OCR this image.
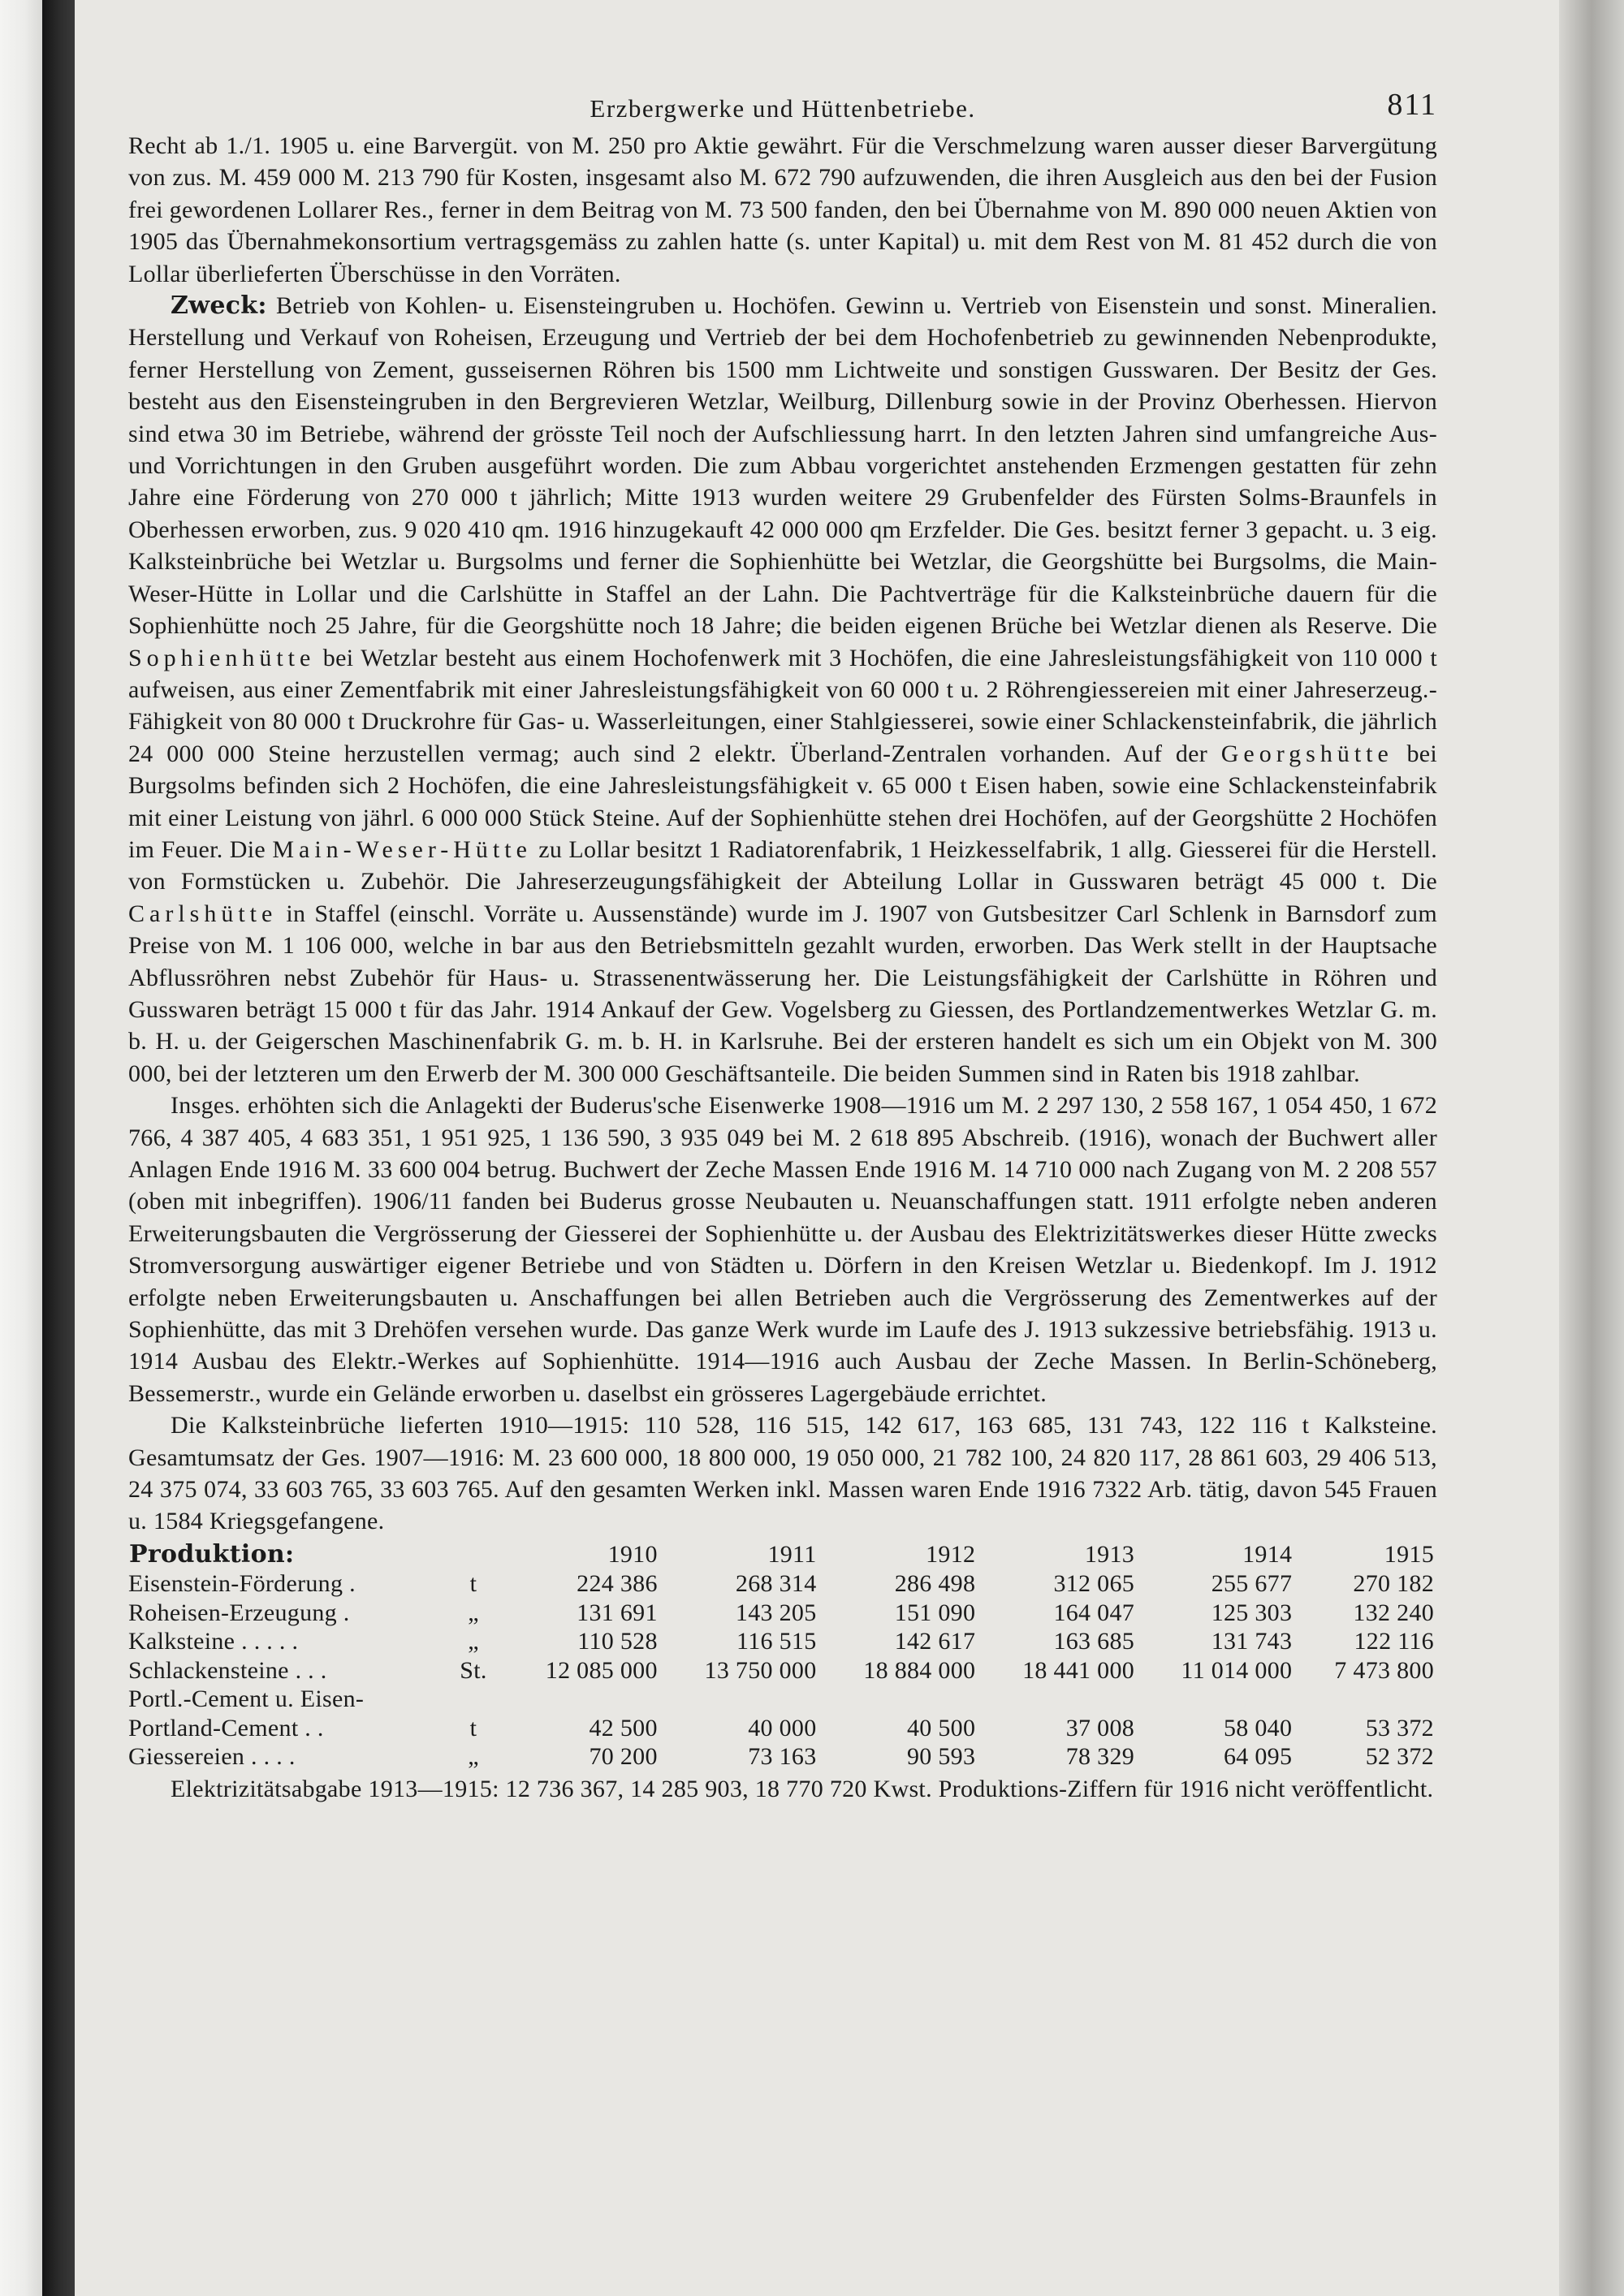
Erzbergwerke und Hüttenbetriebe.	811

Recht ab 1./1. 1905 u. eine Barvergüt. von M. 250 pro Aktie gewährt. Für die Verschmelzung waren ausser dieser Barvergütung von zus. M. 459 000 M. 213 790 für Kosten, insgesamt also M. 672 790 aufzuwenden, die ihren Ausgleich aus den bei der Fusion frei gewordenen Lollarer Res., ferner in dem Beitrag von M. 73 500 fanden, den bei Übernahme von M. 890 000 neuen Aktien von 1905 das Übernahmekonsortium vertragsgemäss zu zahlen hatte (s. unter Kapital) u. mit dem Rest von M. 81 452 durch die von Lollar überlieferten Überschüsse in den Vorräten.

Zweck: Betrieb von Kohlen- u. Eisensteingruben u. Hochöfen. Gewinn u. Vertrieb von Eisenstein und sonst. Mineralien. Herstellung und Verkauf von Roheisen, Erzeugung und Vertrieb der bei dem Hochofenbetrieb zu gewinnenden Nebenprodukte, ferner Herstellung von Zement, gusseisernen Röhren bis 1500 mm Lichtweite und sonstigen Gusswaren. Der Besitz der Ges. besteht aus den Eisensteingruben in den Bergrevieren Wetzlar, Weilburg, Dillenburg sowie in der Provinz Oberhessen. Hiervon sind etwa 30 im Betriebe, während der grösste Teil noch der Aufschliessung harrt. In den letzten Jahren sind umfangreiche Aus- und Vorrichtungen in den Gruben ausgeführt worden. Die zum Abbau vorgerichtet anstehenden Erzmengen gestatten für zehn Jahre eine Förderung von 270 000 t jährlich; Mitte 1913 wurden weitere 29 Grubenfelder des Fürsten Solms-Braunfels in Oberhessen erworben, zus. 9 020 410 qm. 1916 hinzugekauft 42 000 000 qm Erzfelder. Die Ges. besitzt ferner 3 gepacht. u. 3 eig. Kalksteinbrüche bei Wetzlar u. Burgsolms und ferner die Sophienhütte bei Wetzlar, die Georgshütte bei Burgsolms, die Main-Weser-Hütte in Lollar und die Carlshütte in Staffel an der Lahn. Die Pachtverträge für die Kalksteinbrüche dauern für die Sophienhütte noch 25 Jahre, für die Georgshütte noch 18 Jahre; die beiden eigenen Brüche bei Wetzlar dienen als Reserve. Die Sophienhütte bei Wetzlar besteht aus einem Hochofenwerk mit 3 Hochöfen, die eine Jahresleistungsfähigkeit von 110 000 t aufweisen, aus einer Zementfabrik mit einer Jahresleistungsfähigkeit von 60 000 t u. 2 Röhrengiessereien mit einer Jahreserzeug.-Fähigkeit von 80 000 t Druckrohre für Gas- u. Wasserleitungen, einer Stahlgiesserei, sowie einer Schlackensteinfabrik, die jährlich 24 000 000 Steine herzustellen vermag; auch sind 2 elektr. Überland-Zentralen vorhanden. Auf der Georgshütte bei Burgsolms befinden sich 2 Hochöfen, die eine Jahresleistungsfähigkeit v. 65 000 t Eisen haben, sowie eine Schlackensteinfabrik mit einer Leistung von jährl. 6 000 000 Stück Steine. Auf der Sophienhütte stehen drei Hochöfen, auf der Georgshütte 2 Hochöfen im Feuer. Die Main-Weser-Hütte zu Lollar besitzt 1 Radiatorenfabrik, 1 Heizkesselfabrik, 1 allg. Giesserei für die Herstell. von Formstücken u. Zubehör. Die Jahreserzeugungsfähigkeit der Abteilung Lollar in Gusswaren beträgt 45 000 t. Die Carlshütte in Staffel (einschl. Vorräte u. Aussenstände) wurde im J. 1907 von Gutsbesitzer Carl Schlenk in Barnsdorf zum Preise von M. 1 106 000, welche in bar aus den Betriebsmitteln gezahlt wurden, erworben. Das Werk stellt in der Hauptsache Abflussröhren nebst Zubehör für Haus- u. Strassenentwässerung her. Die Leistungsfähigkeit der Carlshütte in Röhren und Gusswaren beträgt 15 000 t für das Jahr. 1914 Ankauf der Gew. Vogelsberg zu Giessen, des Portlandzementwerkes Wetzlar G. m. b. H. u. der Geigerschen Maschinenfabrik G. m. b. H. in Karlsruhe. Bei der ersteren handelt es sich um ein Objekt von M. 300 000, bei der letzteren um den Erwerb der M. 300 000 Geschäftsanteile. Die beiden Summen sind in Raten bis 1918 zahlbar.

Insges. erhöhten sich die Anlagekti der Buderus'sche Eisenwerke 1908—1916 um M. 2 297 130, 2 558 167, 1 054 450, 1 672 766, 4 387 405, 4 683 351, 1 951 925, 1 136 590, 3 935 049 bei M. 2 618 895 Abschreib. (1916), wonach der Buchwert aller Anlagen Ende 1916 M. 33 600 004 betrug. Buchwert der Zeche Massen Ende 1916 M. 14 710 000 nach Zugang von M. 2 208 557 (oben mit inbegriffen). 1906/11 fanden bei Buderus grosse Neubauten u. Neuanschaffungen statt. 1911 erfolgte neben anderen Erweiterungsbauten die Vergrösserung der Giesserei der Sophienhütte u. der Ausbau des Elektrizitätswerkes dieser Hütte zwecks Stromversorgung auswärtiger eigener Betriebe und von Städten u. Dörfern in den Kreisen Wetzlar u. Biedenkopf. Im J. 1912 erfolgte neben Erweiterungsbauten u. Anschaffungen bei allen Betrieben auch die Vergrösserung des Zementwerkes auf der Sophienhütte, das mit 3 Drehöfen versehen wurde. Das ganze Werk wurde im Laufe des J. 1913 sukzessive betriebsfähig. 1913 u. 1914 Ausbau des Elektr.-Werkes auf Sophienhütte. 1914—1916 auch Ausbau der Zeche Massen. In Berlin-Schöneberg, Bessemerstr., wurde ein Gelände erworben u. daselbst ein grösseres Lagergebäude errichtet.

Die Kalksteinbrüche lieferten 1910—1915: 110 528, 116 515, 142 617, 163 685, 131 743, 122 116 t Kalksteine. Gesamtumsatz der Ges. 1907—1916: M. 23 600 000, 18 800 000, 19 050 000, 21 782 100, 24 820 117, 28 861 603, 29 406 513, 24 375 074, 33 603 765, 33 603 765. Auf den gesamten Werken inkl. Massen waren Ende 1916 7322 Arb. tätig, davon 545 Frauen u. 1584 Kriegsgefangene.

Produktion:		1910	1911	1912	1913	1914	1915
Eisenstein-Förderung .	t	224 386	268 314	286 498	312 065	255 677	270 182
Roheisen-Erzeugung .	„	131 691	143 205	151 090	164 047	125 303	132 240
Kalksteine . . . . .	„	110 528	116 515	142 617	163 685	131 743	122 116
Schlackensteine . . .	St.	12 085 000	13 750 000	18 884 000	18 441 000	11 014 000	7 473 800
Portl.-Cement u. Eisen-							
Portland-Cement . .	t	42 500	40 000	40 500	37 008	58 040	53 372
Giessereien . . . .	„	70 200	73 163	90 593	78 329	64 095	52 372

Elektrizitätsabgabe 1913—1915: 12 736 367, 14 285 903, 18 770 720 Kwst. Produktions-Ziffern für 1916 nicht veröffentlicht.
